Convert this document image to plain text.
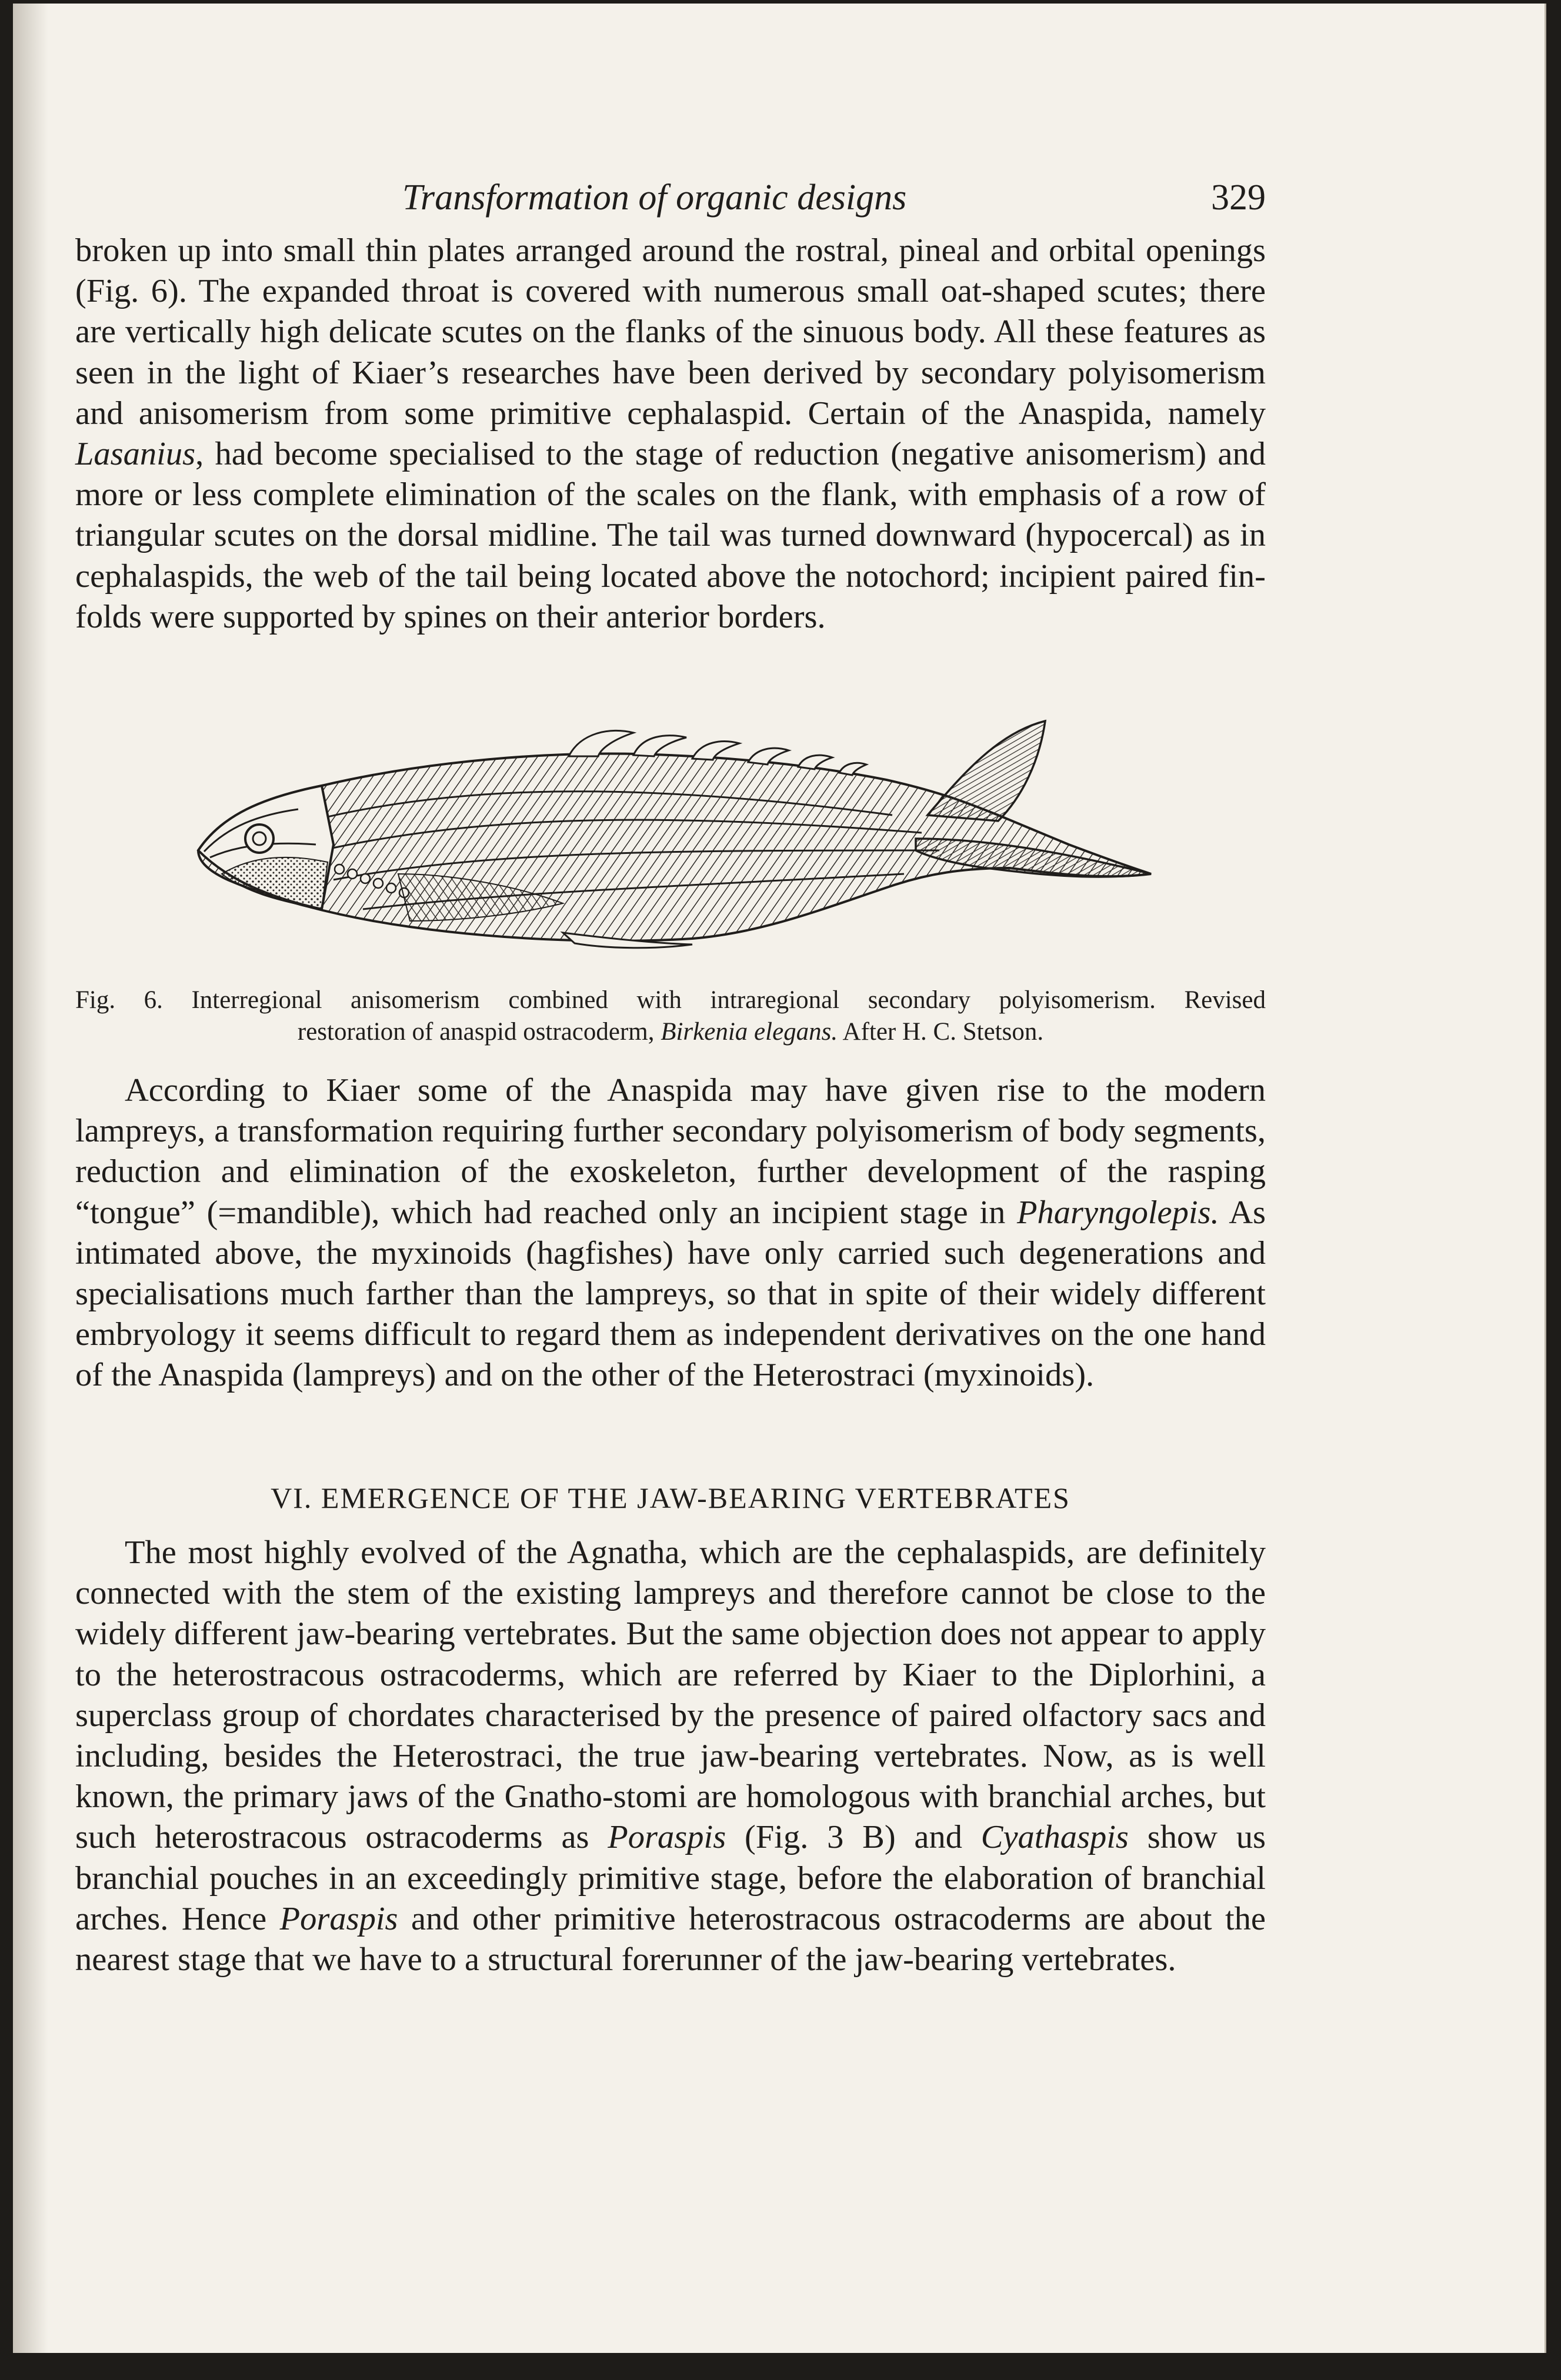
Transformation of organic designs	329

broken up into small thin plates arranged around the rostral, pineal and orbital openings (Fig. 6). The expanded throat is covered with numerous small oat-shaped scutes; there are vertically high delicate scutes on the flanks of the sinuous body. All these features as seen in the light of Kiaer’s researches have been derived by secondary polyisomerism and anisomerism from some primitive cephalaspid. Certain of the Anaspida, namely Lasanius, had become specialised to the stage of reduction (negative anisomerism) and more or less complete elimination of the scales on the flank, with emphasis of a row of triangular scutes on the dorsal midline. The tail was turned downward (hypocercal) as in cephalaspids, the web of the tail being located above the notochord; incipient paired fin-folds were supported by spines on their anterior borders.

Fig. 6. Interregional anisomerism combined with intraregional secondary polyisomerism. Revised
restoration of anaspid ostracoderm, Birkenia elegans. After H. C. Stetson.

According to Kiaer some of the Anaspida may have given rise to the modern lampreys, a transformation requiring further secondary polyisomerism of body segments, reduction and elimination of the exoskeleton, further development of the rasping “tongue” (=mandible), which had reached only an incipient stage in Pharyngolepis. As intimated above, the myxinoids (hagfishes) have only carried such degenerations and specialisations much farther than the lampreys, so that in spite of their widely different embryology it seems difficult to regard them as independent derivatives on the one hand of the Anaspida (lampreys) and on the other of the Heterostraci (myxinoids).

VI. EMERGENCE OF THE JAW-BEARING VERTEBRATES

The most highly evolved of the Agnatha, which are the cephalaspids, are definitely connected with the stem of the existing lampreys and therefore cannot be close to the widely different jaw-bearing vertebrates. But the same objection does not appear to apply to the heterostracous ostracoderms, which are referred by Kiaer to the Diplorhini, a superclass group of chordates characterised by the presence of paired olfactory sacs and including, besides the Heterostraci, the true jaw-bearing vertebrates. Now, as is well known, the primary jaws of the Gnatho-stomi are homologous with branchial arches, but such heterostracous ostracoderms as Poraspis (Fig. 3 B) and Cyathaspis show us branchial pouches in an exceedingly primitive stage, before the elaboration of branchial arches. Hence Poraspis and other primitive heterostracous ostracoderms are about the nearest stage that we have to a structural forerunner of the jaw-bearing vertebrates.
